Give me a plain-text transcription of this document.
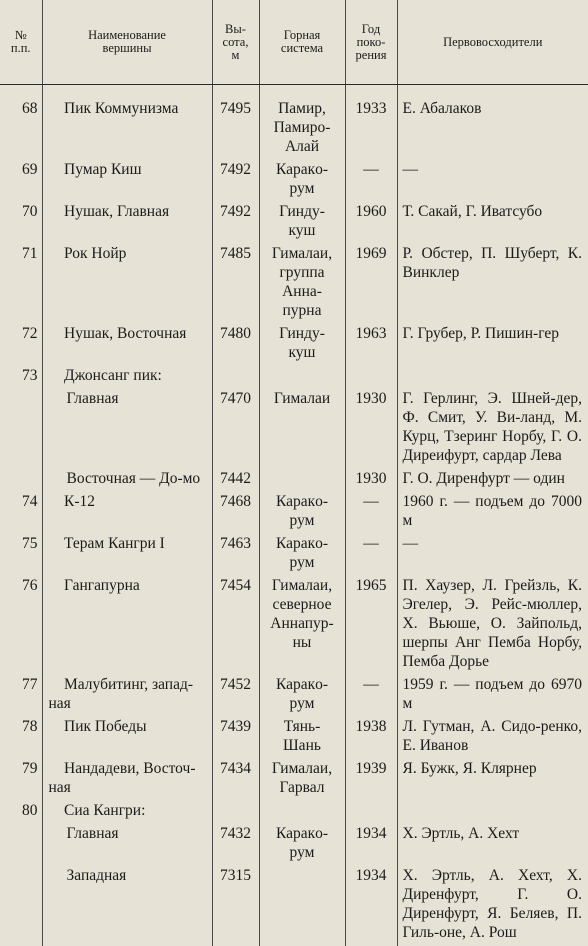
№
п.п.	Наименование
вершины	Вы-
сота,
м	Горная
система	Год
поко-
рения	Первовосходители

68	Пик Коммунизма	7495	Памир,
Памиро-
Алай	1933	Е. Абалаков
69	Пумар Киш	7492	Каракo-
рум	—	—
70	Нушак, Главная	7492	Гинду-
куш	1960	Т. Сакай, Г. Иватсубо
71	Рок Нойр	7485	Гималаи,
группа
Анна-
пурна	1969	Р. Обстер, П. Шуберт, К. Винклер
72	Нушак, Восточная	7480	Гинду-
куш	1963	Г. Грубер, Р. Пишин-гер
73	Джонсанг пик:				
	Главная	7470	Гималаи	1930	Г. Герлинг, Э. Шней-дер, Ф. Смит, У. Ви-ланд, М. Курц, Тзеринг Норбу, Г. О. Диреифурт, сардар Лева
	Восточная — До-мо	7442		1930	Г. О. Диренфурт — один
74	К-12	7468	Каракo-
рум	—	1960 г. — подъем до 7000 м
75	Терам Кангри I	7463	Каракo-
рум	—	—
76	Гангапурна	7454	Гималаи,
северное
Аннапур-
ны	1965	П. Хаузер, Л. Грейзль, К. Эгелер, Э. Рейс-мюллер, Х. Вьюше, О. Зайпольд, шерпы Анг Пемба Норбу, Пемба Дорье
77	Малубитинг, запад-ная	7452	Каракo-
рум	—	1959 г. — подъем до 6970 м
78	Пик Победы	7439	Тянь-
Шань	1938	Л. Гутман, А. Сидо-ренко, Е. Иванов
79	Нандадеви, Восточ-ная	7434	Гималаи,
Гарвал	1939	Я. Бужк, Я. Клярнер
80	Сиа Кангри:				
	Главная	7432	Каракo-
рум	1934	Х. Эртль, А. Хехт
	Западная	7315		1934	Х. Эртль, А. Хехт, Х. Диренфурт, Г. О. Диренфурт, Я. Беляев, П. Гиль-оне, А. Рош
